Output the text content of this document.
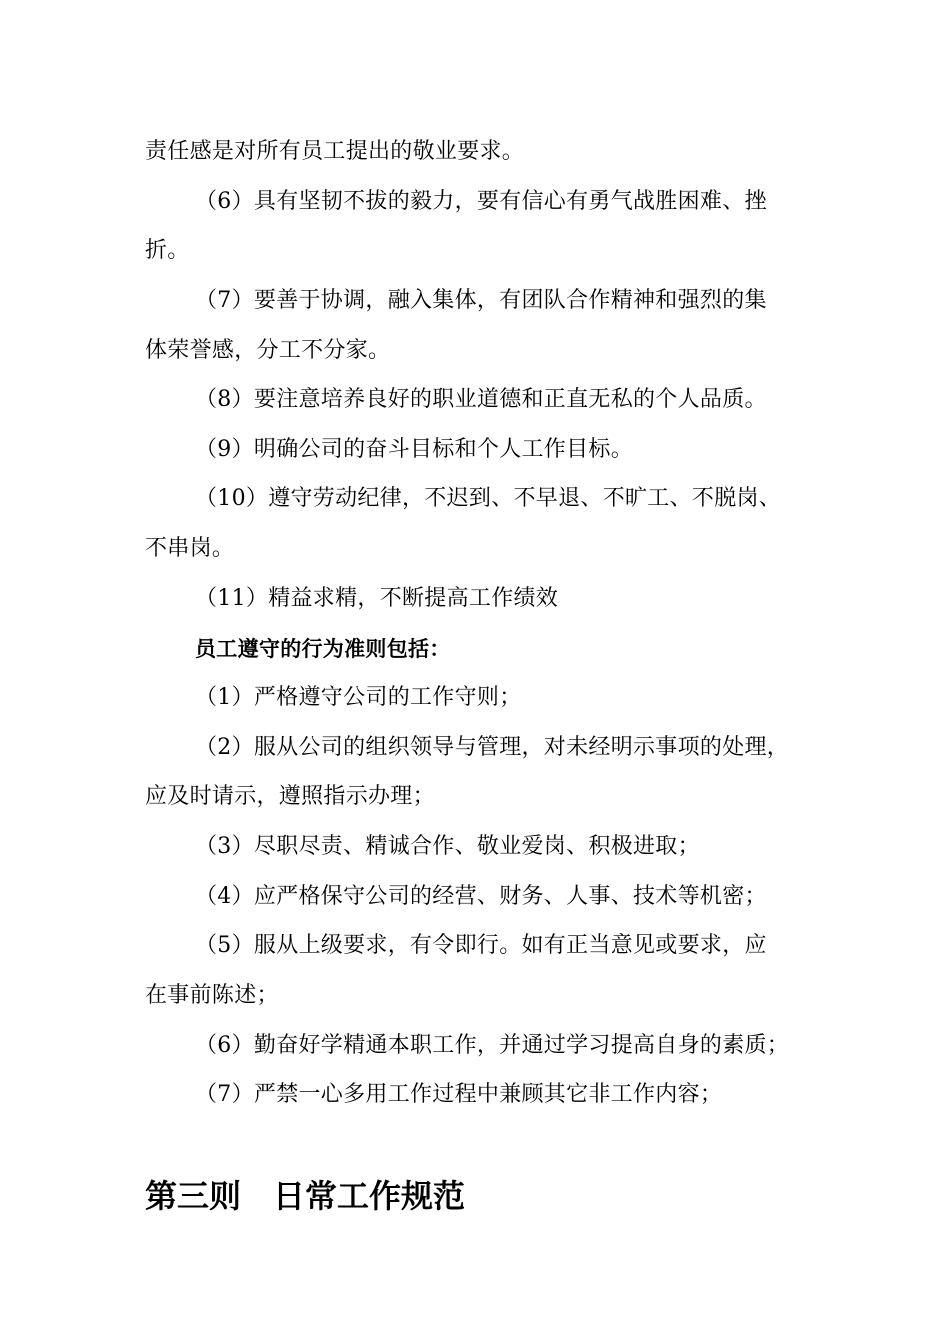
责任感是对所有员工提出的敬业要求。
（6）具有坚韧不拔的毅力，要有信心有勇气战胜困难、挫
折。
（7）要善于协调，融入集体，有团队合作精神和强烈的集
体荣誉感，分工不分家。
（8）要注意培养良好的职业道德和正直无私的个人品质。
（9）明确公司的奋斗目标和个人工作目标。
（10）遵守劳动纪律，不迟到、不早退、不旷工、不脱岗、
不串岗。
（11）精益求精，不断提高工作绩效
员工遵守的行为准则包括：
（1）严格遵守公司的工作守则；
（2）服从公司的组织领导与管理，对未经明示事项的处理，
应及时请示，遵照指示办理；
（3）尽职尽责、精诚合作、敬业爱岗、积极进取；
（4）应严格保守公司的经营、财务、人事、技术等机密；
（5）服从上级要求，有令即行。如有正当意见或要求，应
在事前陈述；
（6）勤奋好学精通本职工作，并通过学习提高自身的素质；
（7）严禁一心多用工作过程中兼顾其它非工作内容；
第三则　日常工作规范
